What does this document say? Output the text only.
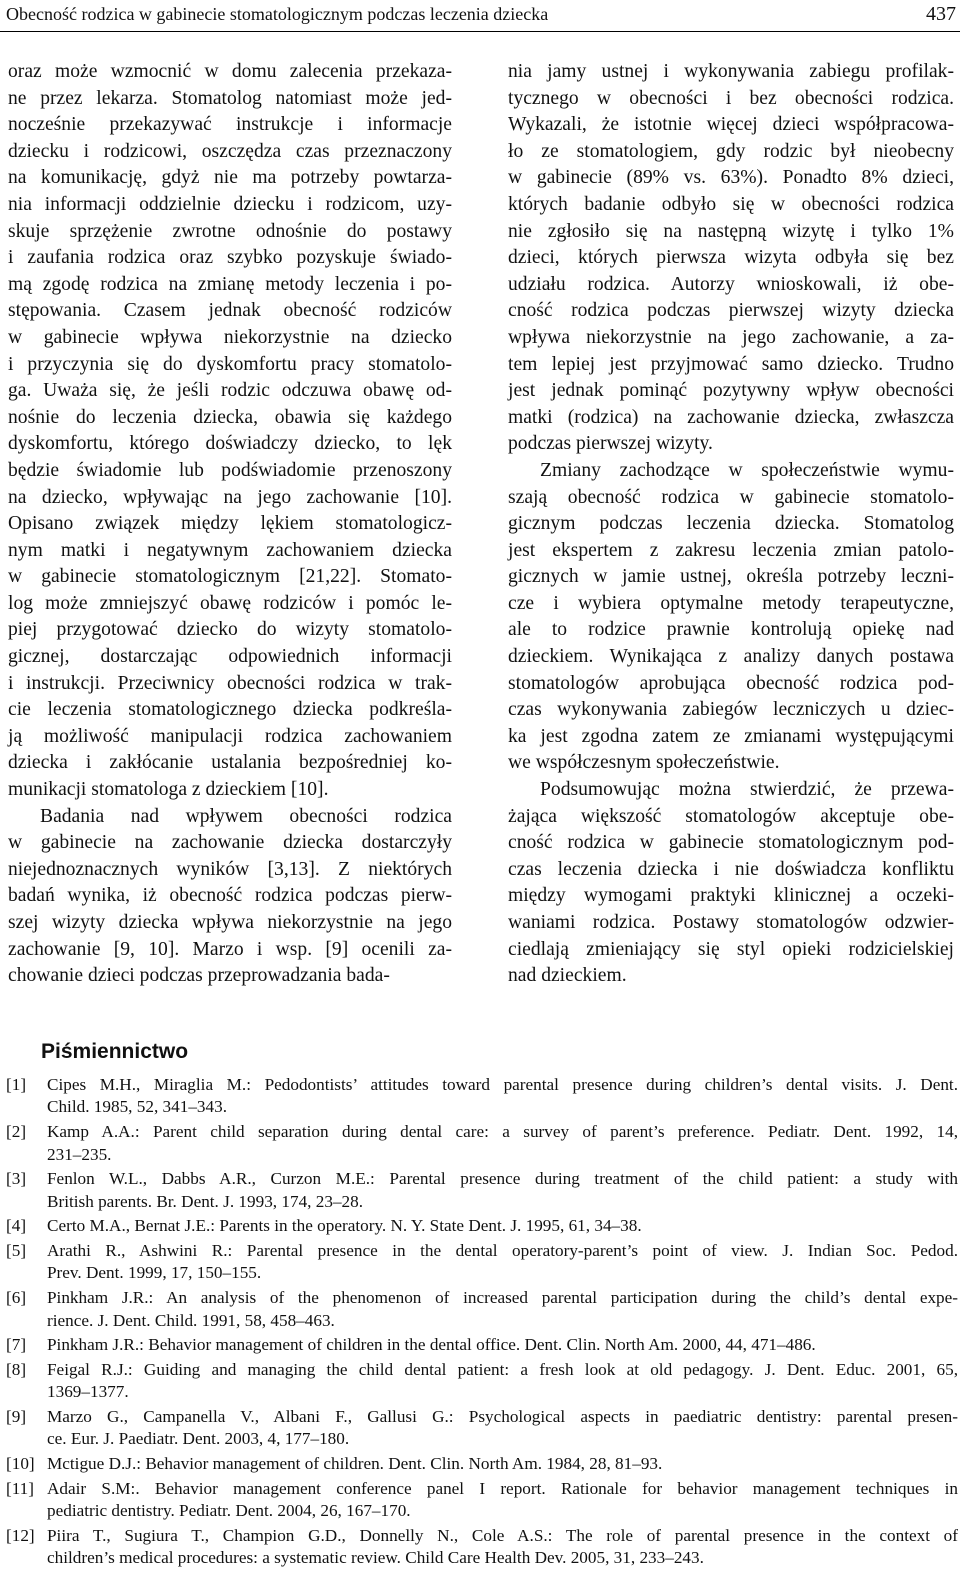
Obecność rodzica w gabinecie stomatologicznym podczas leczenia dziecka	437
oraz może wzmocnić w domu zalecenia przekaza-
ne przez lekarza. Stomatolog natomiast może jed-
nocześnie przekazywać instrukcje i informacje
dziecku i rodzicowi, oszczędza czas przeznaczony
na komunikację, gdyż nie ma potrzeby powtarza-
nia informacji oddzielnie dziecku i rodzicom, uzy-
skuje sprzężenie zwrotne odnośnie do postawy
i zaufania rodzica oraz szybko pozyskuje świado-
mą zgodę rodzica na zmianę metody leczenia i po-
stępowania. Czasem jednak obecność rodziców
w gabinecie wpływa niekorzystnie na dziecko
i przyczynia się do dyskomfortu pracy stomatolo-
ga. Uważa się, że jeśli rodzic odczuwa obawę od-
nośnie do leczenia dziecka, obawia się każdego
dyskomfortu, którego doświadczy dziecko, to lęk
będzie świadomie lub podświadomie przenoszony
na dziecko, wpływając na jego zachowanie [10].
Opisano związek między lękiem stomatologicz-
nym matki i negatywnym zachowaniem dziecka
w gabinecie stomatologicznym [21,22]. Stomato-
log może zmniejszyć obawę rodziców i pomóc le-
piej przygotować dziecko do wizyty stomatolo-
gicznej, dostarczając odpowiednich informacji
i instrukcji. Przeciwnicy obecności rodzica w trak-
cie leczenia stomatologicznego dziecka podkreśla-
ją możliwość manipulacji rodzica zachowaniem
dziecka i zakłócanie ustalania bezpośredniej ko-
munikacji stomatologa z dzieckiem [10].
Badania nad wpływem obecności rodzica
w gabinecie na zachowanie dziecka dostarczyły
niejednoznacznych wyników [3,13]. Z niektórych
badań wynika, iż obecność rodzica podczas pierw-
szej wizyty dziecka wpływa niekorzystnie na jego
zachowanie [9, 10]. Marzo i wsp. [9] ocenili za-
chowanie dzieci podczas przeprowadzania bada-
nia jamy ustnej i wykonywania zabiegu profilak-
tycznego w obecności i bez obecności rodzica.
Wykazali, że istotnie więcej dzieci współpracowa-
ło ze stomatologiem, gdy rodzic był nieobecny
w gabinecie (89% vs. 63%). Ponadto 8% dzieci,
których badanie odbyło się w obecności rodzica
nie zgłosiło się na następną wizytę i tylko 1%
dzieci, których pierwsza wizyta odbyła się bez
udziału rodzica. Autorzy wnioskowali, iż obe-
cność rodzica podczas pierwszej wizyty dziecka
wpływa niekorzystnie na jego zachowanie, a za-
tem lepiej jest przyjmować samo dziecko. Trudno
jest jednak pominąć pozytywny wpływ obecności
matki (rodzica) na zachowanie dziecka, zwłaszcza
podczas pierwszej wizyty.
Zmiany zachodzące w społeczeństwie wymu-
szają obecność rodzica w gabinecie stomatolo-
gicznym podczas leczenia dziecka. Stomatolog
jest ekspertem z zakresu leczenia zmian patolo-
gicznych w jamie ustnej, określa potrzeby leczni-
cze i wybiera optymalne metody terapeutyczne,
ale to rodzice prawnie kontrolują opiekę nad
dzieckiem. Wynikająca z analizy danych postawa
stomatologów aprobująca obecność rodzica pod-
czas wykonywania zabiegów leczniczych u dziec-
ka jest zgodna zatem ze zmianami występującymi
we współczesnym społeczeństwie.
Podsumowując można stwierdzić, że przewa-
żająca większość stomatologów akceptuje obe-
cność rodzica w gabinecie stomatologicznym pod-
czas leczenia dziecka i nie doświadcza konfliktu
między wymogami praktyki klinicznej a oczeki-
waniami rodzica. Postawy stomatologów odzwier-
ciedlają zmieniający się styl opieki rodzicielskiej
nad dzieckiem.
Piśmiennictwo
[1] Cipes M.H., Miraglia M.: Pedodontists’ attitudes toward parental presence during children’s dental visits. J. Dent.
Child. 1985, 52, 341–343.
[2] Kamp A.A.: Parent child separation during dental care: a survey of parent’s preference. Pediatr. Dent. 1992, 14,
231–235.
[3] Fenlon W.L., Dabbs A.R., Curzon M.E.: Parental presence during treatment of the child patient: a study with
British parents. Br. Dent. J. 1993, 174, 23–28.
[4] Certo M.A., Bernat J.E.: Parents in the operatory. N. Y. State Dent. J. 1995, 61, 34–38.
[5] Arathi R., Ashwini R.: Parental presence in the dental operatory-parent’s point of view. J. Indian Soc. Pedod.
Prev. Dent. 1999, 17, 150–155.
[6] Pinkham J.R.: An analysis of the phenomenon of increased parental participation during the child’s dental expe-
rience. J. Dent. Child. 1991, 58, 458–463.
[7] Pinkham J.R.: Behavior management of children in the dental office. Dent. Clin. North Am. 2000, 44, 471–486.
[8] Feigal R.J.: Guiding and managing the child dental patient: a fresh look at old pedagogy. J. Dent. Educ. 2001, 65,
1369–1377.
[9] Marzo G., Campanella V., Albani F., Gallusi G.: Psychological aspects in paediatric dentistry: parental presen-
ce. Eur. J. Paediatr. Dent. 2003, 4, 177–180.
[10] Mctigue D.J.: Behavior management of children. Dent. Clin. North Am. 1984, 28, 81–93.
[11] Adair S.M:. Behavior management conference panel I report. Rationale for behavior management techniques in
pediatric dentistry. Pediatr. Dent. 2004, 26, 167–170.
[12] Piira T., Sugiura T., Champion G.D., Donnelly N., Cole A.S.: The role of parental presence in the context of
children’s medical procedures: a systematic review. Child Care Health Dev. 2005, 31, 233–243.
